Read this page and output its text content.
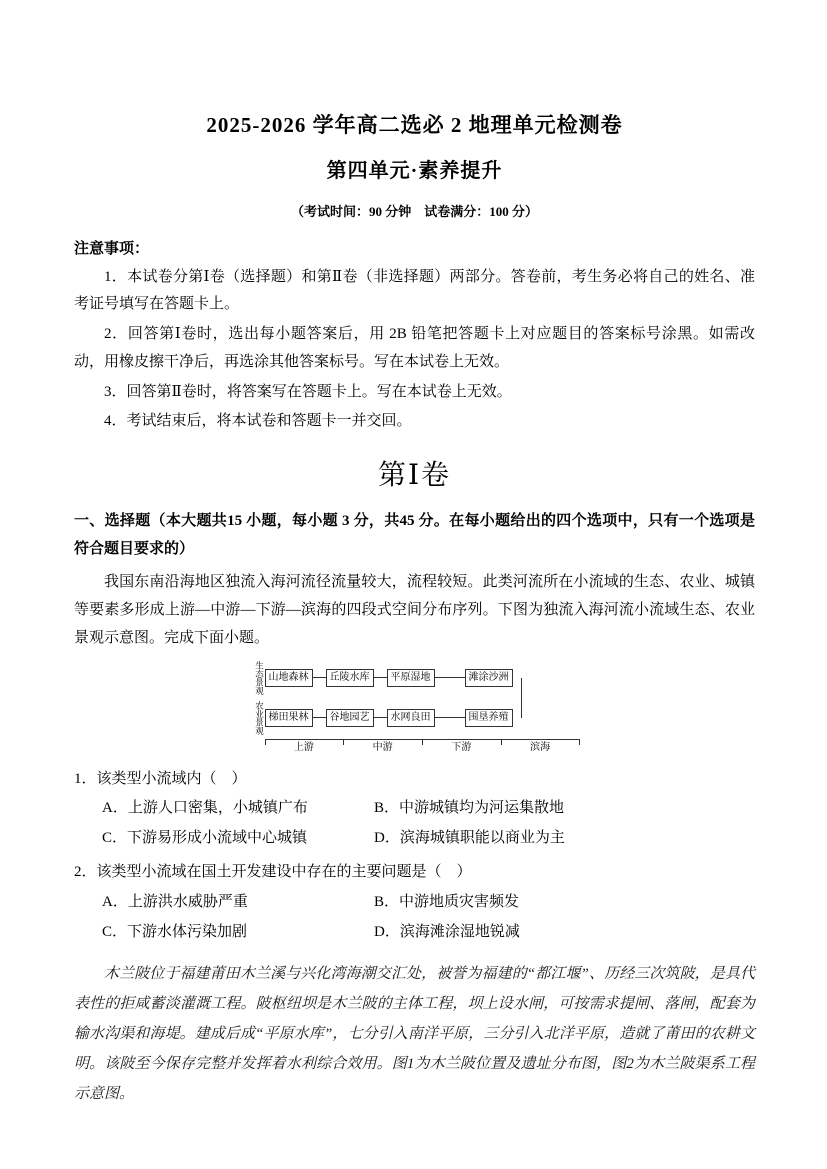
2025-2026 学年高二选必 2 地理单元检测卷
第四单元·素养提升
（考试时间：90 分钟　试卷满分：100 分）

注意事项：

1．本试卷分第Ⅰ卷（选择题）和第Ⅱ卷（非选择题）两部分。答卷前，考生务必将自己的姓名、准考证号填写在答题卡上。

2．回答第Ⅰ卷时，选出每小题答案后，用 2B 铅笔把答题卡上对应题目的答案标号涂黑。如需改动，用橡皮擦干净后，再选涂其他答案标号。写在本试卷上无效。

3．回答第Ⅱ卷时，将答案写在答题卡上。写在本试卷上无效。

4．考试结束后，将本试卷和答题卡一并交回。

第Ⅰ卷

一、选择题（本大题共15 小题，每小题 3 分，共45 分。在每小题给出的四个选项中，只有一个选项是符合题目要求的）

我国东南沿海地区独流入海河流径流量较大，流程较短。此类河流所在小流域的生态、农业、城镇等要素多形成上游—中游—下游—滨海的四段式空间分布序列。下图为独流入海河流小流域生态、农业景观示意图。完成下面小题。

生态景观 山地森林	丘陵水库	平原湿地	滩涂沙洲
农业景观 梯田果林	谷地园艺	水网良田	围垦养殖
上游	中游	下游	滨海

1．该类型小流域内（　）

A．上游人口密集，小城镇广布	B．中游城镇均为河运集散地
C．下游易形成小流域中心城镇	D．滨海城镇职能以商业为主

2．该类型小流域在国土开发建设中存在的主要问题是（　）

A．上游洪水威胁严重	B．中游地质灾害频发
C．下游水体污染加剧	D．滨海滩涂湿地锐减

木兰陂位于福建莆田木兰溪与兴化湾海潮交汇处，被誉为福建的“都江堰”、历经三次筑陂，是具代表性的拒咸蓄淡灌溉工程。陂枢纽坝是木兰陂的主体工程，坝上设水闸，可按需求提闸、落闸，配套为输水沟渠和海堤。建成后成“平原水库”，七分引入南洋平原，三分引入北洋平原，造就了莆田的农耕文明。该陂至今保存完整并发挥着水利综合效用。图1为木兰陂位置及遗址分布图，图2为木兰陂渠系工程示意图。
